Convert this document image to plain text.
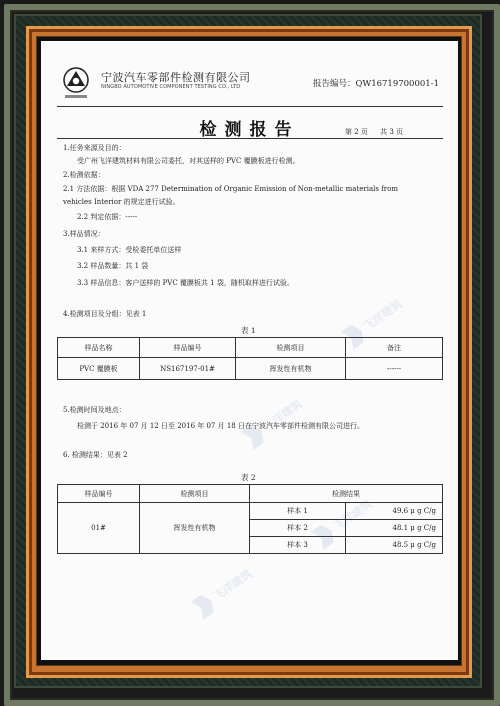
飞洋建筑
飞洋建筑
飞洋建筑
飞洋建筑
宁波汽车零部件检测有限公司
NINGBO AUTOMOTIVE COMPONENT TESTING CO., LTD	报告编号：QW16719700001-1
检测报告	第 2 页 共 3 页
1.任务来源及目的：
受广州飞洋建筑材料有限公司委托，对其送样的 PVC 覆膜板进行检测。
2.检测依据：
2.1 方法依据：根据 VDA 277 Determination of Organic Emission of Non-metallic materials from
vehicles Interior 的规定进行试验。
2.2 判定依据：-----
3.样品情况：
3.1 来样方式：受检委托单位送样
3.2 样品数量：共 1 袋
3.3 样品信息：客户送样的 PVC 覆膜板共 1 袋，随机取样进行试验。
4.检测项目及分组：见表 1
表 1
样品名称	样品编号	检测项目	备注
PVC 覆膜板	NS167197-01#	挥发性有机物	------
5.检测时间及地点：
检测于 2016 年 07 月 12 日至 2016 年 07 月 18 日在宁波汽车零部件检测有限公司进行。
6. 检测结果：见表 2
表 2
样品编号	检测项目	检测结果	
01#	挥发性有机物	样本 1	49.6 μ g C/g
		样本 2	48.1 μ g C/g
		样本 3	48.5 μ g C/g
